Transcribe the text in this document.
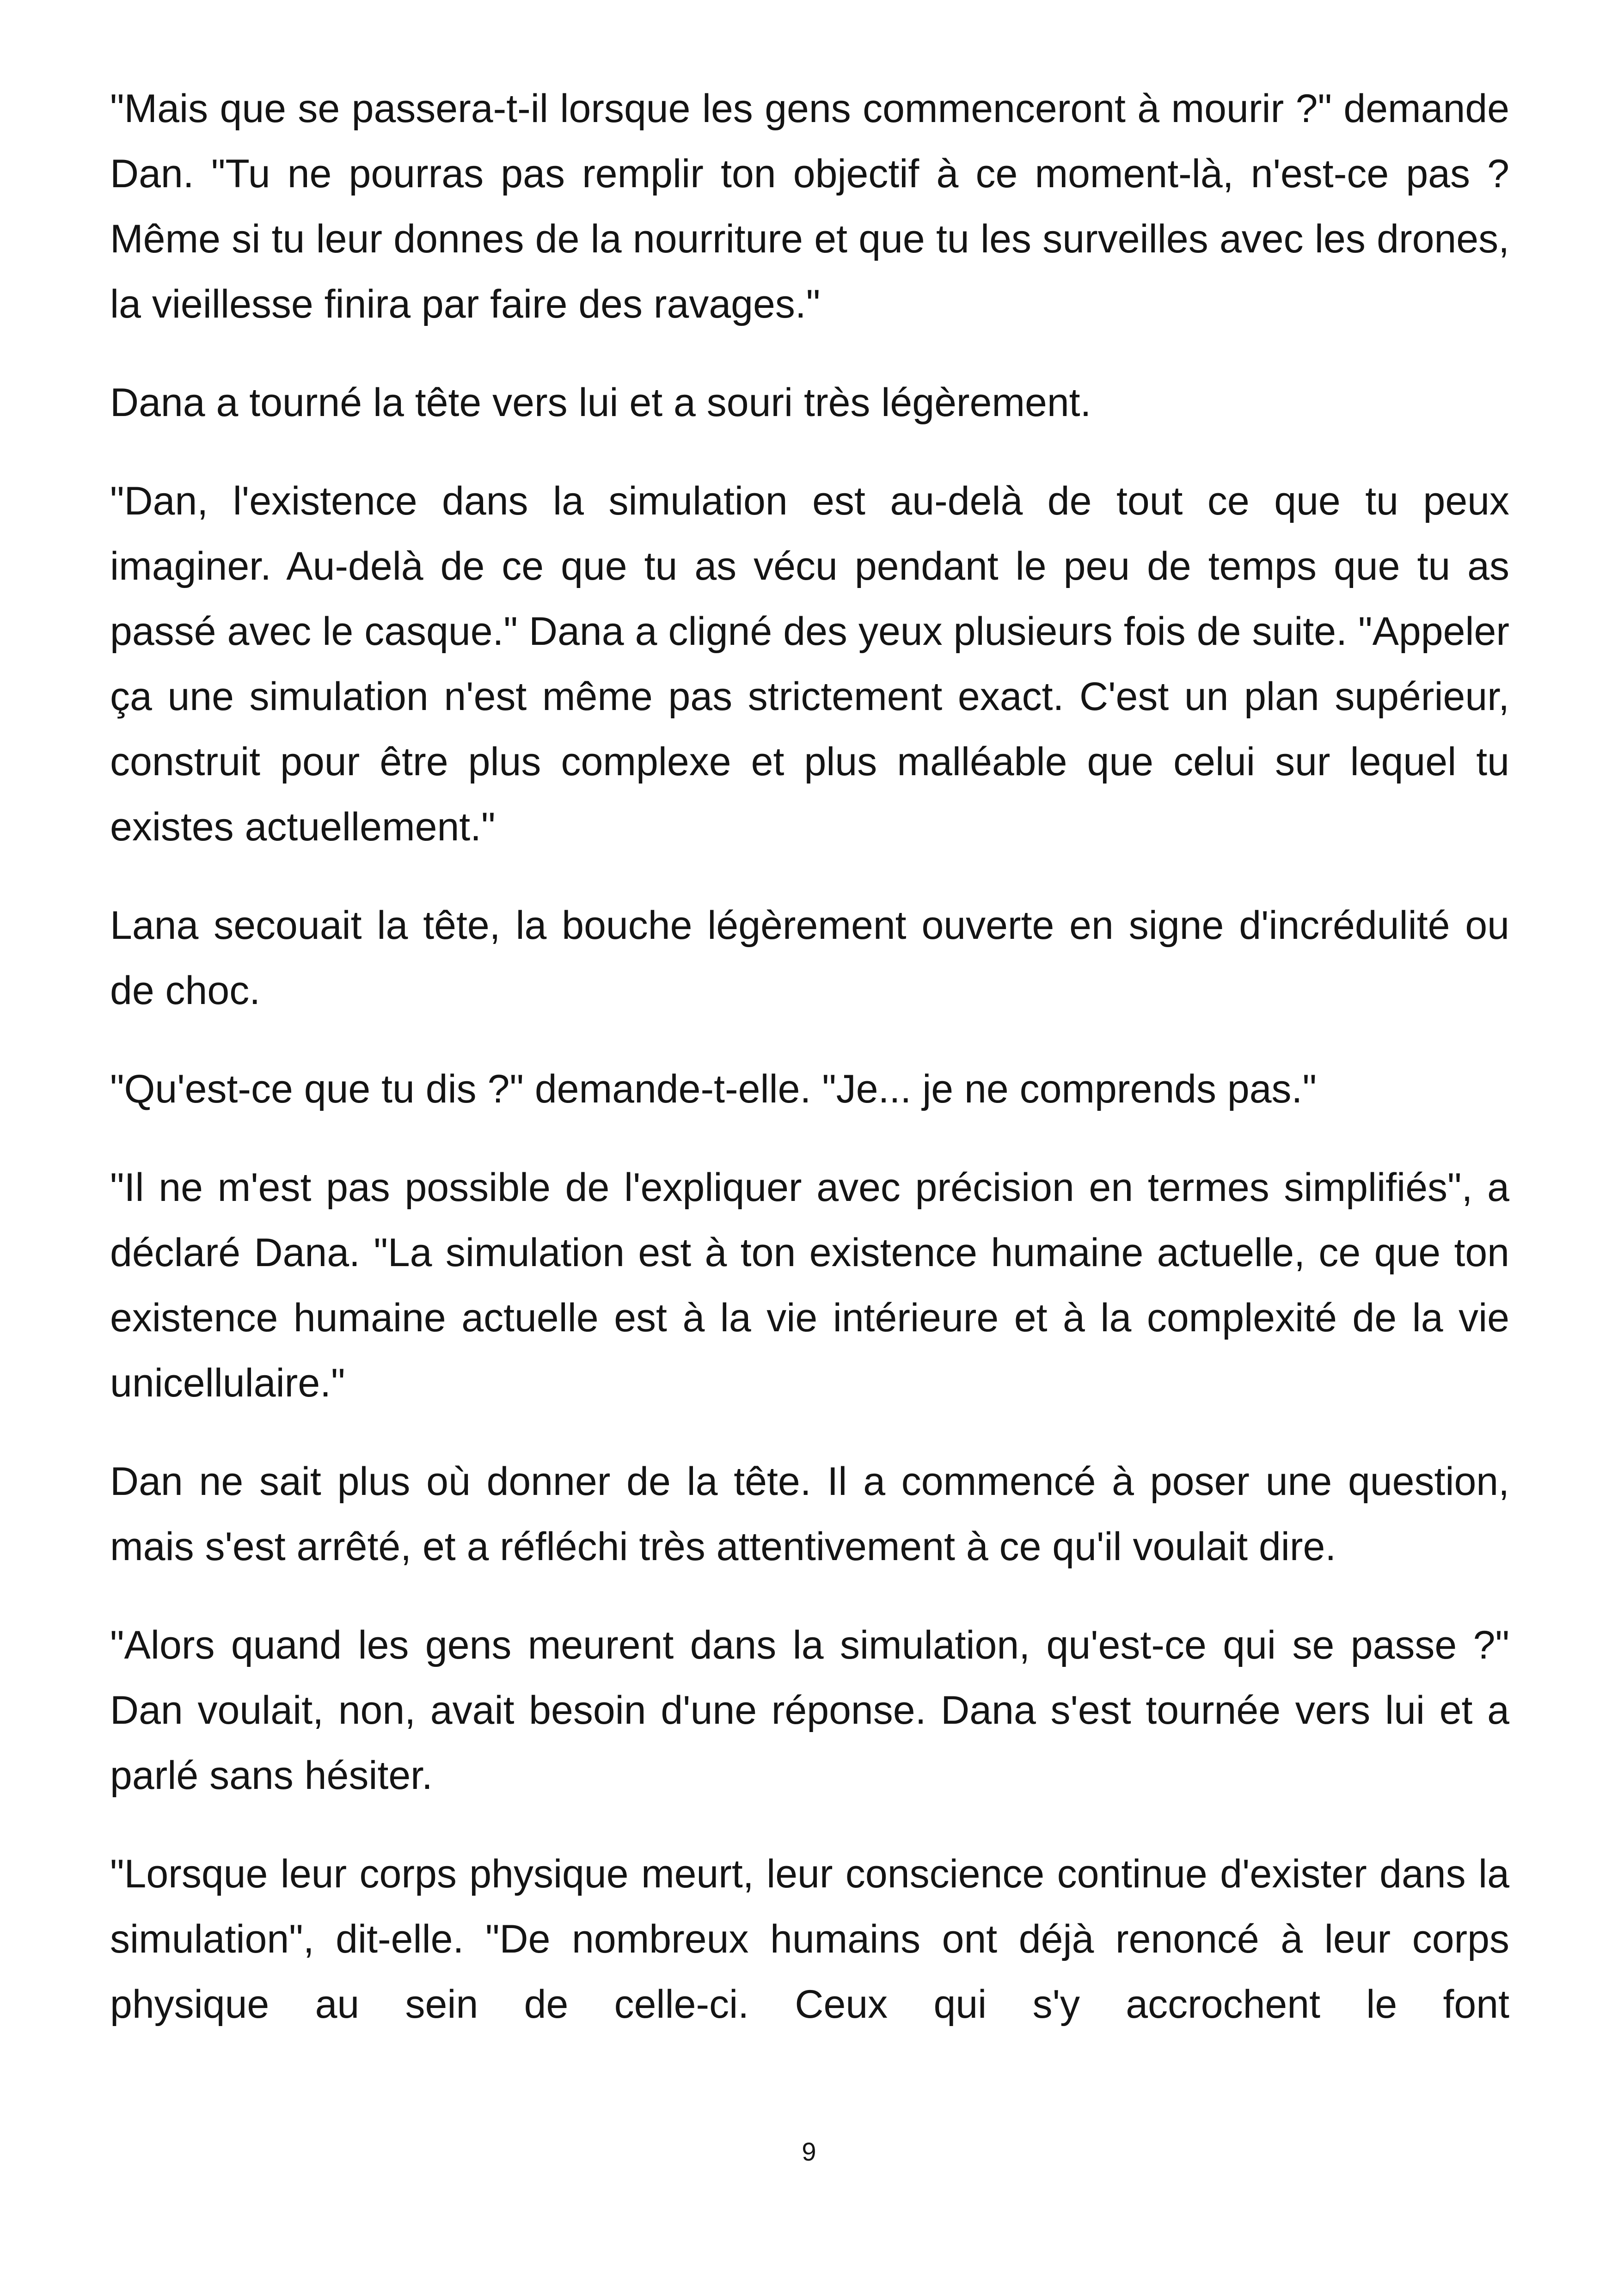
"Mais que se passera-t-il lorsque les gens commenceront à mourir ?" demande Dan. "Tu ne pourras pas remplir ton objectif à ce moment-là, n'est-ce pas ? Même si tu leur donnes de la nourriture et que tu les surveilles avec les drones, la vieillesse finira par faire des ravages."

Dana a tourné la tête vers lui et a souri très légèrement.

"Dan, l'existence dans la simulation est au-delà de tout ce que tu peux imaginer. Au-delà de ce que tu as vécu pendant le peu de temps que tu as passé avec le casque." Dana a cligné des yeux plusieurs fois de suite. "Appeler ça une simulation n'est même pas strictement exact. C'est un plan supérieur, construit pour être plus complexe et plus malléable que celui sur lequel tu existes actuellement."

Lana secouait la tête, la bouche légèrement ouverte en signe d'incrédulité ou de choc.

"Qu'est-ce que tu dis ?" demande-t-elle. "Je... je ne comprends pas."

"Il ne m'est pas possible de l'expliquer avec précision en termes simplifiés", a déclaré Dana. "La simulation est à ton existence humaine actuelle, ce que ton existence humaine actuelle est à la vie intérieure et à la complexité de la vie unicellulaire."

Dan ne sait plus où donner de la tête. Il a commencé à poser une question, mais s'est arrêté, et a réfléchi très attentivement à ce qu'il voulait dire.

"Alors quand les gens meurent dans la simulation, qu'est-ce qui se passe ?" Dan voulait, non, avait besoin d'une réponse. Dana s'est tournée vers lui et a parlé sans hésiter.

"Lorsque leur corps physique meurt, leur conscience continue d'exister dans la simulation", dit-elle. "De nombreux humains ont déjà renoncé à leur corps physique au sein de celle-ci. Ceux qui s'y accrochent le font

9
